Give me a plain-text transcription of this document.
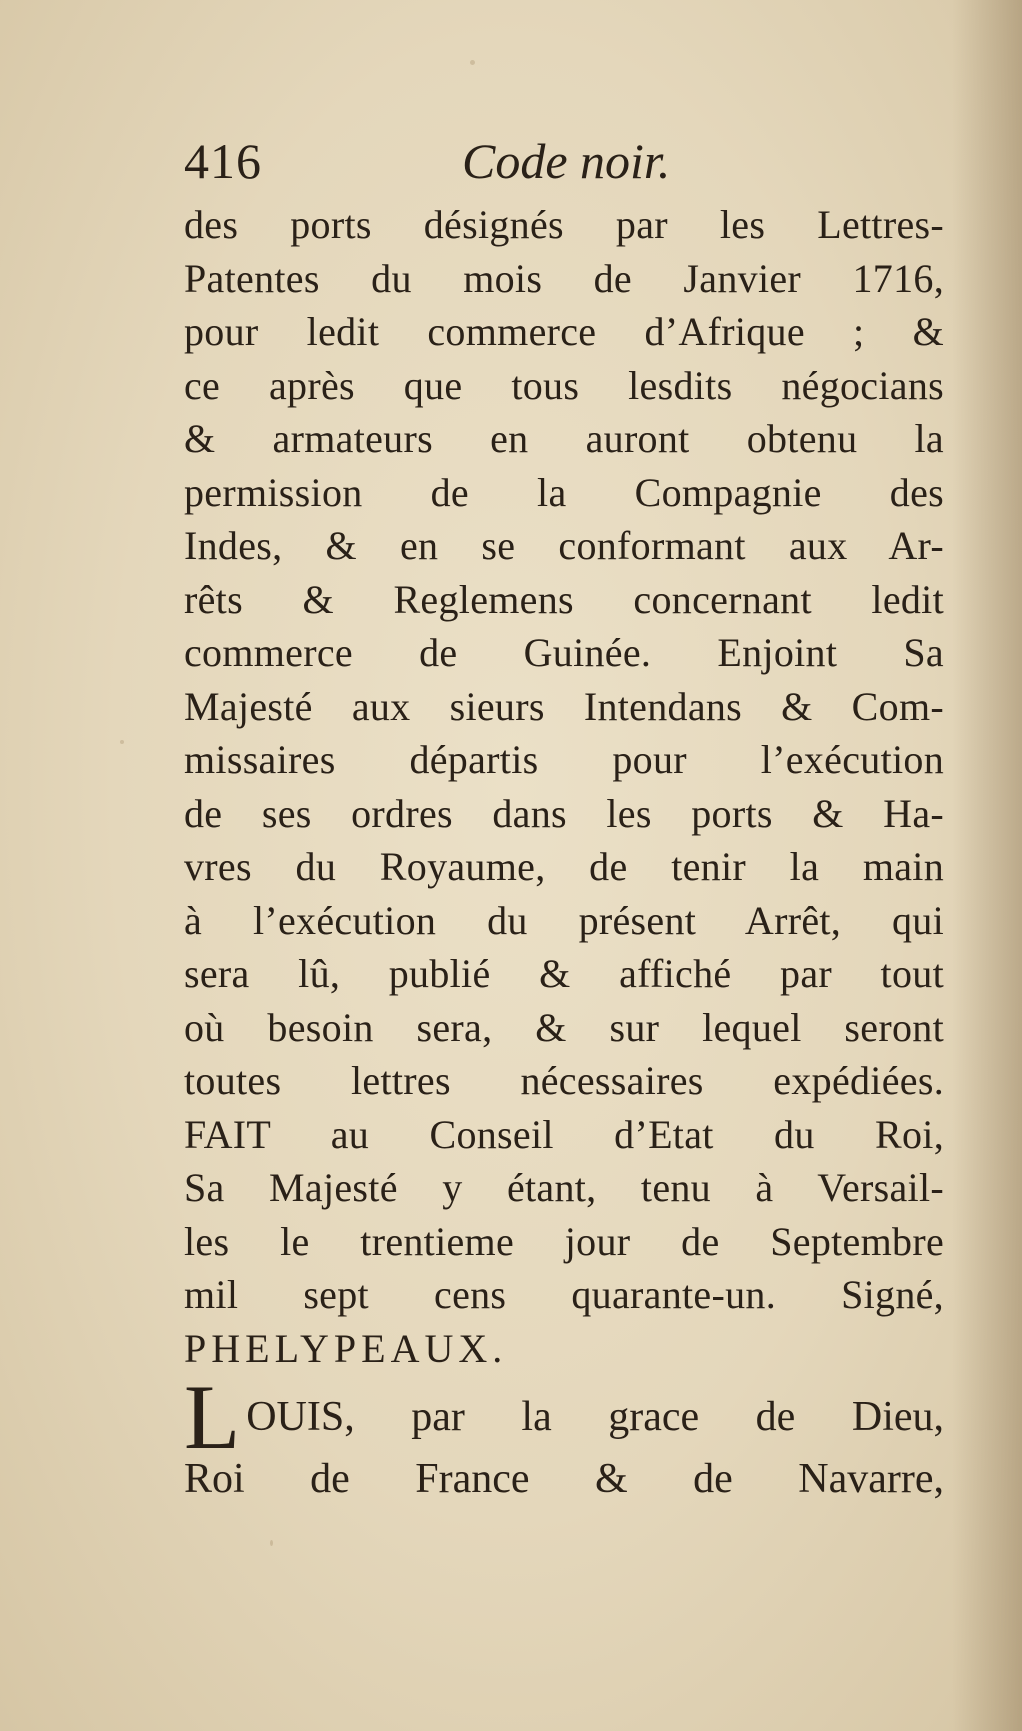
416	Code noir.
des ports désignés par les Lettres-
Patentes du mois de Janvier 1716,
pour ledit commerce d’Afrique ; &
ce après que tous lesdits négocians
& armateurs en auront obtenu la
permission de la Compagnie des
Indes, & en se conformant aux Ar-
rêts & Reglemens concernant ledit
commerce de Guinée. Enjoint Sa
Majesté aux sieurs Intendans & Com-
missaires départis pour l’exécution
de ses ordres dans les ports & Ha-
vres du Royaume, de tenir la main
à l’exécution du présent Arrêt, qui
sera lû, publié & affiché par tout
où besoin sera, & sur lequel seront
toutes lettres nécessaires expédiées.
FAIT au Conseil d’Etat du Roi,
Sa Majesté y étant, tenu à Versail-
les le trentieme jour de Septembre
mil sept cens quarante-un. Signé,
PHELYPEAUX.
LOUIS, par la grace de Dieu,
Roi de France & de Navarre,
